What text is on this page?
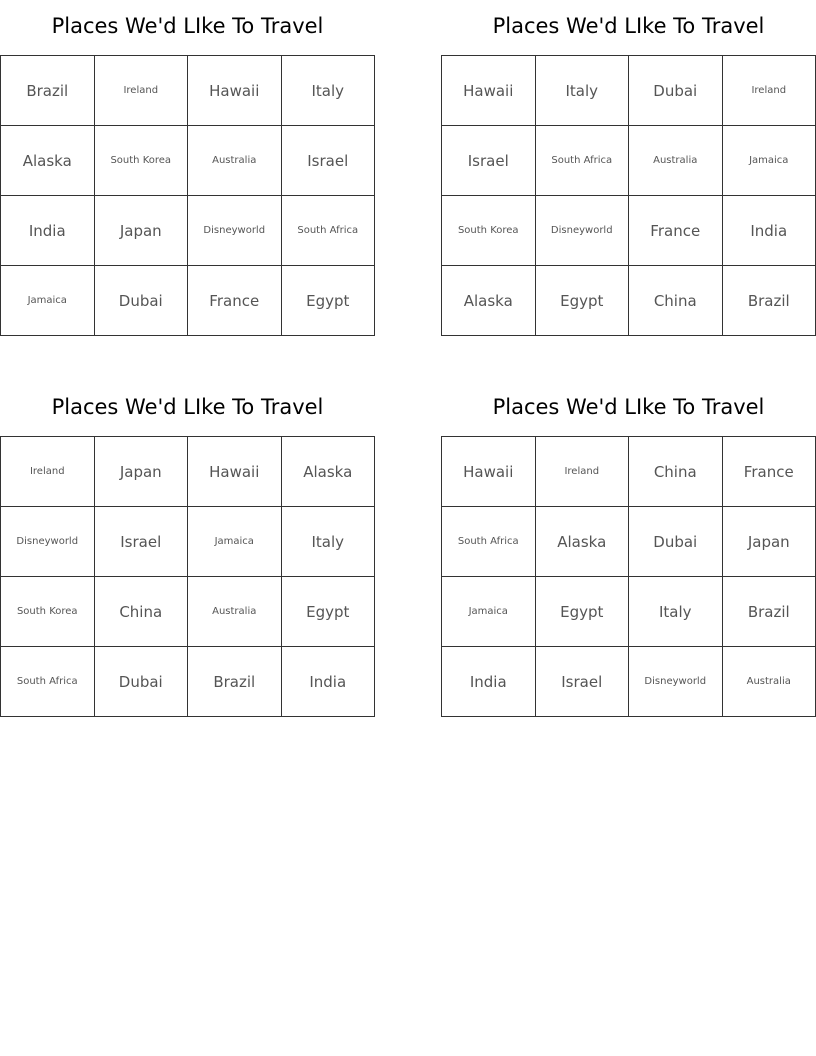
Places We'd LIke To Travel
Brazil	Ireland	Hawaii	Italy
Alaska	South Korea	Australia	Israel
India	Japan	Disneyworld	South Africa
Jamaica	Dubai	France	Egypt
Places We'd LIke To Travel
Hawaii	Italy	Dubai	Ireland
Israel	South Africa	Australia	Jamaica
South Korea	Disneyworld	France	India
Alaska	Egypt	China	Brazil
Places We'd LIke To Travel
Ireland	Japan	Hawaii	Alaska
Disneyworld	Israel	Jamaica	Italy
South Korea	China	Australia	Egypt
South Africa	Dubai	Brazil	India
Places We'd LIke To Travel
Hawaii	Ireland	China	France
South Africa	Alaska	Dubai	Japan
Jamaica	Egypt	Italy	Brazil
India	Israel	Disneyworld	Australia
